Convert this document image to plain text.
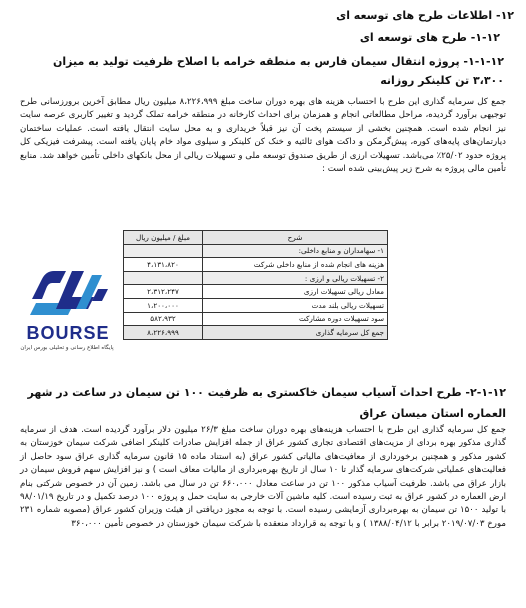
۱۲- اطلاعات طرح های توسعه ای
۱-۱۲- طرح های توسعه ای
۱-۱-۱۲- پروژه انتقال سیمان فارس به منطقه خرامه با اصلاح ظرفیت تولید به میزان ۳،۳۰۰ تن کلینکر روزانه

جمع کل سرمایه گذاری این طرح با احتساب هزینه های بهره دوران ساخت مبلغ ۸،۲۲۶،۹۹۹ میلیون ریال مطابق آخرین برورزسانی طرح توجیهی برآورد گردیده، مراحل مطالعاتی انجام و همزمان برای احداث کارخانه در منطقه خرامه تملک گردید و تغییر کاربری عرصه سایت نیز انجام شده است. همچنین بخشی از سیستم پخت آن نیز قبلاً خریداری و به محل سایت انتقال یافته است. عملیات ساختمان دیارتمان‌های پایه‌های کوره، پیش‌گرمکن و داکت هوای ثالثیه و خنک کن کلینکر و سیلوی مواد خام پایان یافته است. پیشرفت فیزیکی کل پروژه حدود ۲۵/۰۲٪ می‌باشد. تسهیلات ارزی از طریق صندوق توسعه ملی و تسهیلات ریالی از محل بانکهای داخلی تأمین خواهد شد. منابع تأمین مالی پروژه به شرح زیر پیش‌بینی شده است :

شرح	مبلغ / میلیون ریال
۱- سهامداران و منابع داخلی:	
هزینه های انجام شده از منابع داخلی شرکت	۴،۱۳۱،۸۲۰
۲- تسهیلات ریالی و ارزی :	
معادل ریالی تسهیلات ارزی	۲،۳۱۲،۲۴۷
تسهیلات ریالی بلند مدت	۱،۲۰۰،۰۰۰
سود تسهیلات دوره مشارکت	۵۸۲،۹۳۲
جمع کل سرمایه گذاری	۸،۲۲۶،۹۹۹
BOURSE
پایگاه اطلاع رسانی و تحلیلی بورس ایران
۲-۱-۱۲- طرح احداث آسیاب سیمان خاکستری به ظرفیت ۱۰۰ تن سیمان در ساعت در شهر العماره استان میسان عراق

جمع کل سرمایه گذاری این طرح با احتساب هزینه‌های بهره دوران ساخت مبلغ ۲۶/۳ میلیون دلار برآورد گردیده است. هدف از سرمایه گذاری مذکور بهره بردای از مزیت‌های اقتصادی تجاری کشور عراق از جمله افزایش صادرات کلینکر اضافی شرکت سیمان خوزستان به کشور مذکور و همچنین برخورداری از معافیت‌های مالیاتی کشور عراق (به استناد ماده ۱۵ قانون سرمایه گذاری عراق سود حاصل از فعالیت‌های عملیاتی شرکت‌های سرمایه گذار تا ۱۰ سال از تاریخ بهره‌برداری از مالیات معاف است ) و نیز افزایش سهم فروش سیمان در بازار عراق می باشد. ظرفیت آسیاب مذکور ۱۰۰ تن در ساعت معادل ۶۶۰،۰۰۰ تن در سال می باشد. زمین آن در خصوص شرکتی بنام ارض العماره در کشور عراق به ثبت رسیده است. کلیه ماشین آلات خارجی به سایت حمل و پروژه ۱۰۰ درصد تکمیل و در تاریخ ۹۸/۰۱/۱۹ با تولید ۱۵۰۰ تن سیمان به بهره‌برداری آزمایشی رسیده است. با توجه به مجوز دریافتی از هیئت وزیران کشور عراق (مصوبه شماره ۲۳۱ مورخ ۲۰۱۹/۰۷/۰۳ برابر با ۱۳۸۸/۰۴/۱۲ ) و با توجه به قرارداد منعقده با شرکت سیمان خوزستان در خصوص تأمین ۳۶۰،۰۰۰
